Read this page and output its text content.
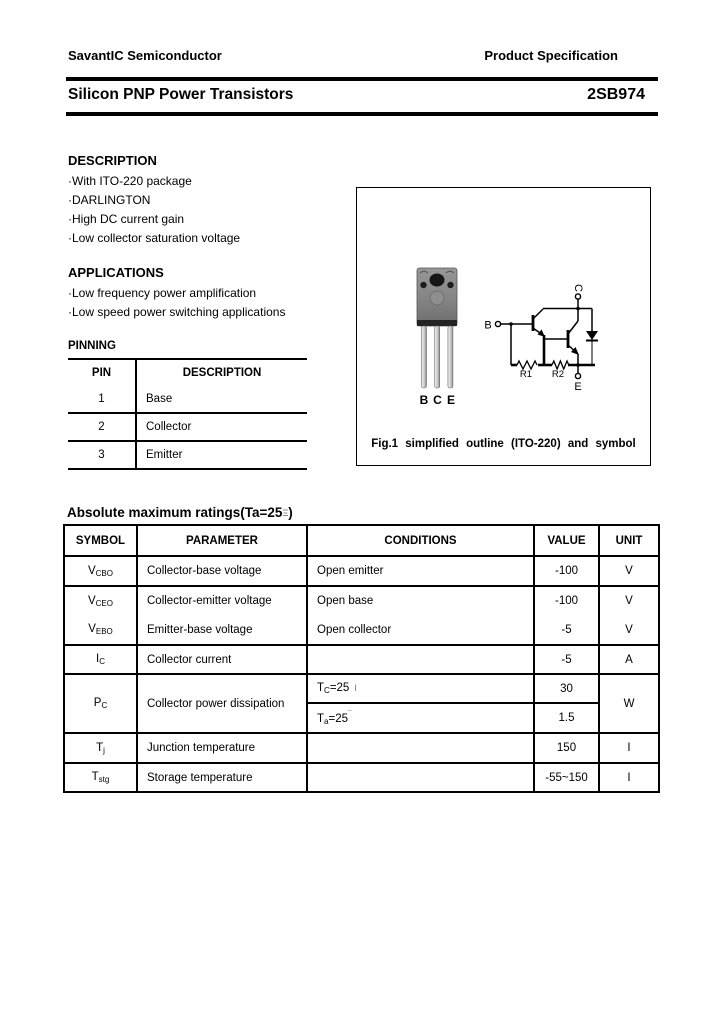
SavantIC Semiconductor	Product Specification
Silicon PNP Power Transistors	2SB974
DESCRIPTION
·With ITO-220 package
·DARLINGTON
·High DC current gain
·Low collector saturation voltage
APPLICATIONS
·Low frequency power amplification
·Low speed power switching applications
PINNING
PIN	DESCRIPTION
1	Base
2	Collector
3	Emitter
B C E
B
C
E
R1 R2
Fig.1 simplified outline (ITO-220) and symbol
Absolute maximum ratings(Ta=25Ξ)
SYMBOL	PARAMETER	CONDITIONS	VALUE	UNIT
$V_{CBO}$	Collector-base voltage	Open emitter	-100	V
$V_{CEO}$	Collector-emitter voltage	Open base	-100	V
$V_{EBO}$	Emitter-base voltage	Open collector	-5	V
$I_C$	Collector current		-5	A
$P_C$	Collector power dissipation	$T_C=25$ Ι	30	W
		$T_a=25‾$	1.5	
$T_j$	Junction temperature		150	I
$T_{stg}$	Storage temperature		-55~150	I
